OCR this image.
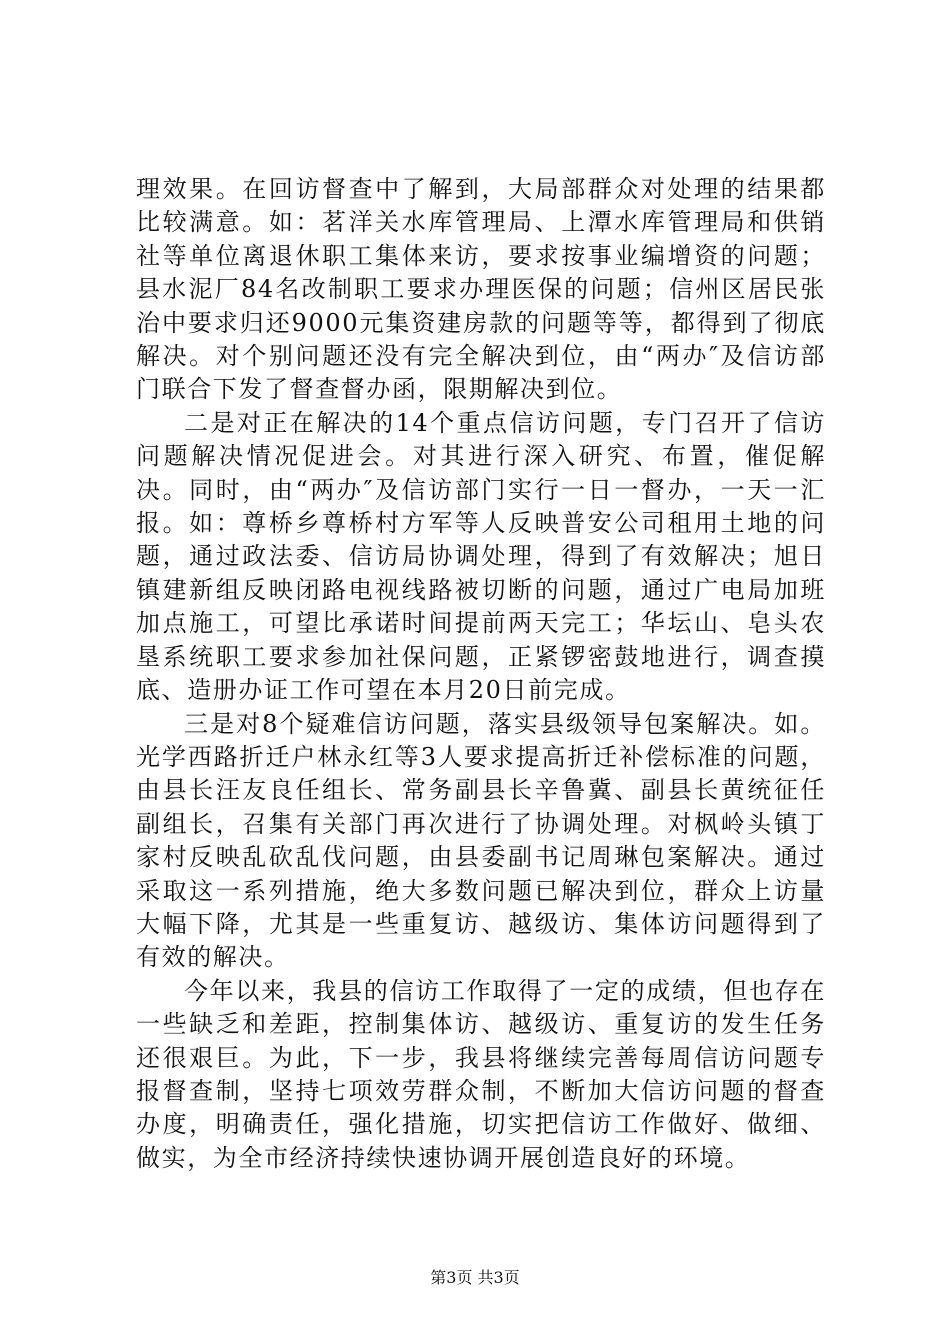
理效果。在回访督查中了解到，大局部群众对处理的结果都比较满意。如：茗洋关水库管理局、上潭水库管理局和供销社等单位离退休职工集体来访，要求按事业编增资的问题；县水泥厂84名改制职工要求办理医保的问题；信州区居民张治中要求归还9000元集资建房款的问题等等，都得到了彻底解决。对个别问题还没有完全解决到位，由“两办″及信访部门联合下发了督查督办函，限期解决到位。

二是对正在解决的14个重点信访问题，专门召开了信访问题解决情况促进会。对其进行深入研究、布置，催促解决。同时，由“两办″及信访部门实行一日一督办，一天一汇报。如：尊桥乡尊桥村方军等人反映普安公司租用土地的问题，通过政法委、信访局协调处理，得到了有效解决；旭日镇建新组反映闭路电视线路被切断的问题，通过广电局加班加点施工，可望比承诺时间提前两天完工；华坛山、皂头农垦系统职工要求参加社保问题，正紧锣密鼓地进行，调查摸底、造册办证工作可望在本月20日前完成。

三是对8个疑难信访问题，落实县级领导包案解决。如。光学西路折迁户林永红等3人要求提高折迁补偿标准的问题，由县长汪友良任组长、常务副县长辛鲁冀、副县长黄统征任副组长，召集有关部门再次进行了协调处理。对枫岭头镇丁家村反映乱砍乱伐问题，由县委副书记周琳包案解决。通过采取这一系列措施，绝大多数问题已解决到位，群众上访量大幅下降，尤其是一些重复访、越级访、集体访问题得到了有效的解决。

今年以来，我县的信访工作取得了一定的成绩，但也存在一些缺乏和差距，控制集体访、越级访、重复访的发生任务还很艰巨。为此，下一步，我县将继续完善每周信访问题专报督查制，坚持七项效劳群众制，不断加大信访问题的督查办度，明确责任，强化措施，切实把信访工作做好、做细、做实，为全市经济持续快速协调开展创造良好的环境。

第3页 共3页
